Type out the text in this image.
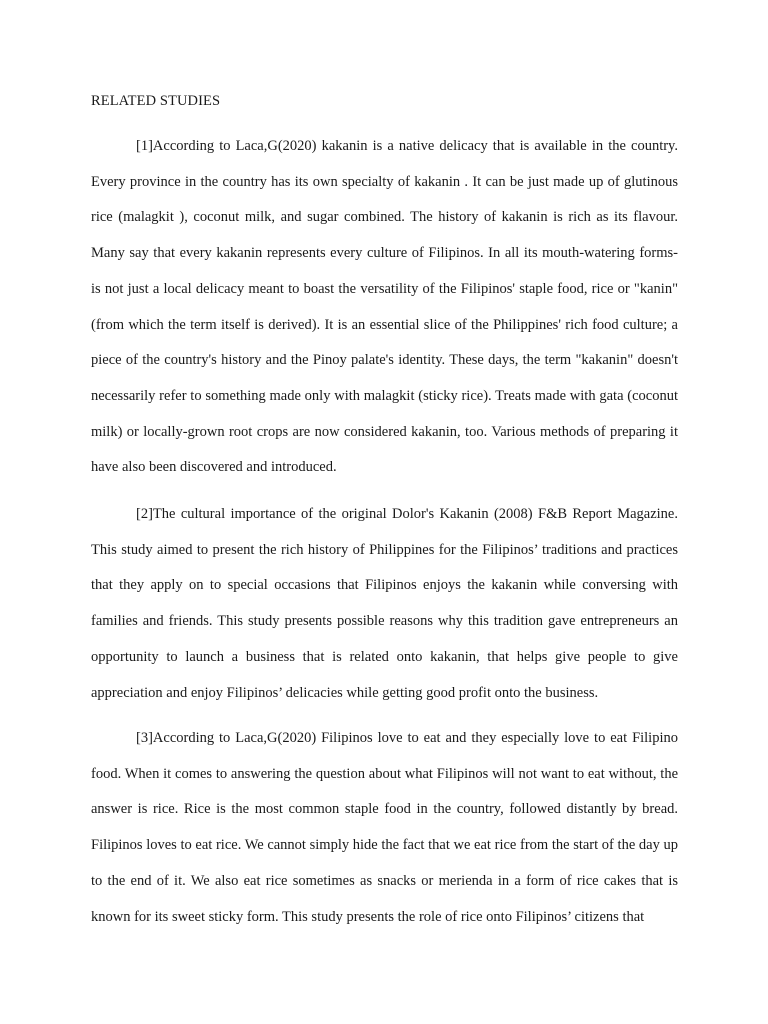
RELATED STUDIES

[1]According to Laca,G(2020) kakanin is a native delicacy that is available in the country. Every province in the country has its own specialty of kakanin . It can be just made up of glutinous rice (malagkit ), coconut milk, and sugar combined. The history of kakanin is rich as its flavour. Many say that every kakanin represents every culture of Filipinos. In all its mouth-watering forms- is not just a local delicacy meant to boast the versatility of the Filipinos' staple food, rice or "kanin" (from which the term itself is derived). It is an essential slice of the Philippines' rich food culture; a piece of the country's history and the Pinoy palate's identity. These days, the term "kakanin" doesn't necessarily refer to something made only with malagkit (sticky rice). Treats made with gata (coconut milk) or locally-grown root crops are now considered kakanin, too. Various methods of preparing it have also been discovered and introduced.

[2]The cultural importance of the original Dolor's Kakanin (2008) F&B Report Magazine. This study aimed to present the rich history of Philippines for the Filipinos’ traditions and practices that they apply on to special occasions that Filipinos enjoys the kakanin while conversing with families and friends. This study presents possible reasons why this tradition gave entrepreneurs an opportunity to launch a business that is related onto kakanin, that helps give people to give appreciation and enjoy Filipinos’ delicacies while getting good profit onto the business.

[3]According to Laca,G(2020) Filipinos love to eat and they especially love to eat Filipino food. When it comes to answering the question about what Filipinos will not want to eat without, the answer is rice. Rice is the most common staple food in the country, followed distantly by bread. Filipinos loves to eat rice. We cannot simply hide the fact that we eat rice from the start of the day up to the end of it. We also eat rice sometimes as snacks or merienda in a form of rice cakes that is known for its sweet sticky form. This study presents the role of rice onto Filipinos’ citizens that
